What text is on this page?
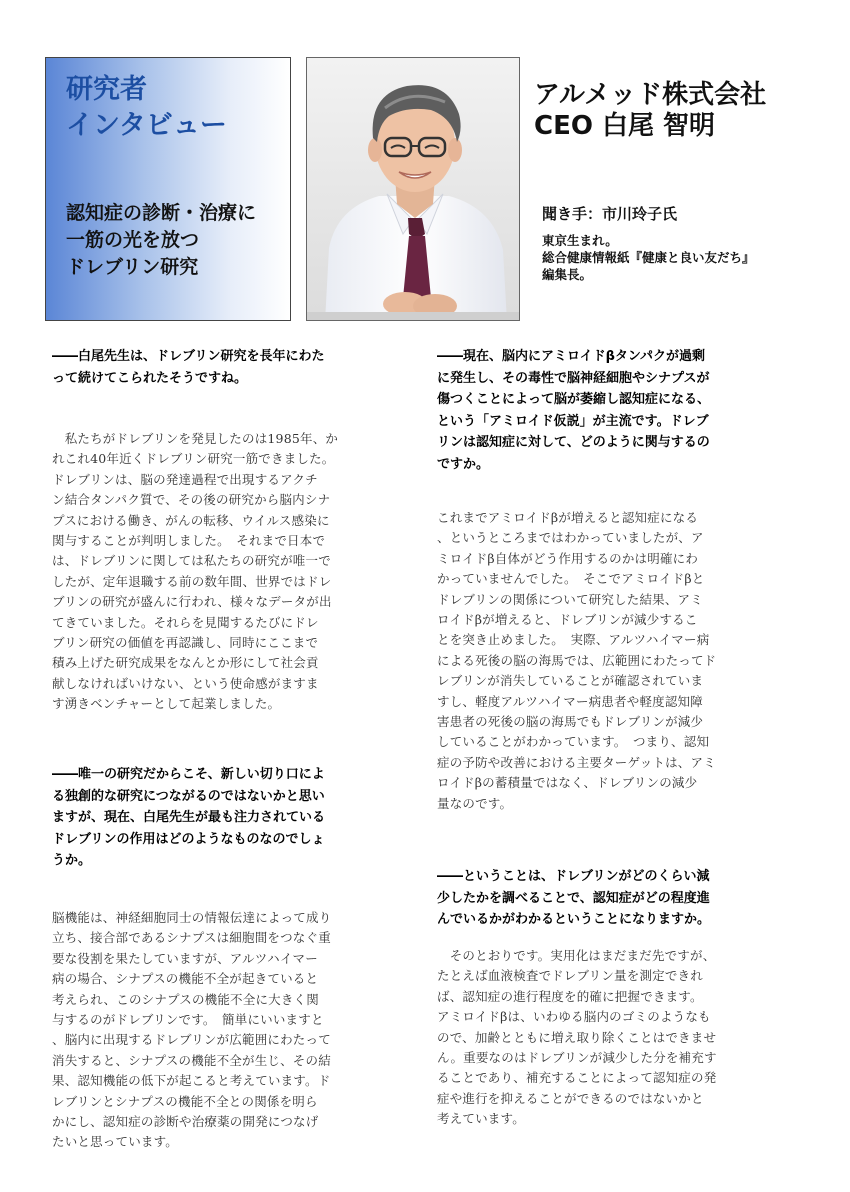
研究者
インタビュー
認知症の診断・治療に
一筋の光を放つ
ドレブリン研究
アルメッド株式会社
CEO 白尾 智明
聞き手：市川玲子氏
東京生まれ。
総合健康情報紙『健康と良い友だち』
編集長。
――白尾先生は、ドレブリン研究を長年にわた
って続けてこられたそうですね。
　私たちがドレブリンを発見したのは1985年、か
れこれ40年近くドレブリン研究一筋できました。
ドレブリンは、脳の発達過程で出現するアクチ
ン結合タンパク質で、その後の研究から脳内シナ
プスにおける働き、がんの転移、ウイルス感染に
関与することが判明しました。　それまで日本で
は、ドレブリンに関しては私たちの研究が唯一で
したが、定年退職する前の数年間、世界ではドレ
ブリンの研究が盛んに行われ、様々なデータが出
てきていました。それらを見聞するたびにドレ
ブリン研究の価値を再認識し、同時にここまで
積み上げた研究成果をなんとか形にして社会貢
献しなければいけない、という使命感がますま
す湧きベンチャーとして起業しました。
――唯一の研究だからこそ、新しい切り口によ
る独創的な研究につながるのではないかと思い
ますが、現在、白尾先生が最も注力されている
ドレブリンの作用はどのようなものなのでしょ
うか。
脳機能は、神経細胞同士の情報伝達によって成り
立ち、接合部であるシナプスは細胞間をつなぐ重
要な役割を果たしていますが、アルツハイマー
病の場合、シナプスの機能不全が起きていると
考えられ、このシナプスの機能不全に大きく関
与するのがドレブリンです。　簡単にいいますと
、脳内に出現するドレブリンが広範囲にわたって
消失すると、シナプスの機能不全が生じ、その結
果、認知機能の低下が起こると考えています。ド
レブリンとシナプスの機能不全との関係を明ら
かにし、認知症の診断や治療薬の開発につなげ
たいと思っています。
――現在、脳内にアミロイドβタンパクが過剰
に発生し、その毒性で脳神経細胞やシナプスが
傷つくことによって脳が萎縮し認知症になる、
という「アミロイド仮説」が主流です。ドレブ
リンは認知症に対して、どのように関与するの
ですか。
これまでアミロイドβが増えると認知症になる
、というところまではわかっていましたが、ア
ミロイドβ自体がどう作用するのかは明確にわ
かっていませんでした。　そこでアミロイドβと
ドレブリンの関係について研究した結果、アミ
ロイドβが増えると、ドレブリンが減少するこ
とを突き止めました。　実際、アルツハイマー病
による死後の脳の海馬では、広範囲にわたってド
レブリンが消失していることが確認されていま
すし、軽度アルツハイマー病患者や軽度認知障
害患者の死後の脳の海馬でもドレブリンが減少
していることがわかっています。　つまり、認知
症の予防や改善における主要ターゲットは、アミ
ロイドβの蓄積量ではなく、ドレブリンの減少
量なのです。
――ということは、ドレブリンがどのくらい減
少したかを調べることで、認知症がどの程度進
んでいるかがわかるということになりますか。
　そのとおりです。実用化はまだまだ先ですが、
たとえば血液検査でドレブリン量を測定できれ
ば、認知症の進行程度を的確に把握できます。
アミロイドβは、いわゆる脳内のゴミのようなも
ので、加齢とともに増え取り除くことはできませ
ん。重要なのはドレブリンが減少した分を補充す
ることであり、補充することによって認知症の発
症や進行を抑えることができるのではないかと
考えています。
